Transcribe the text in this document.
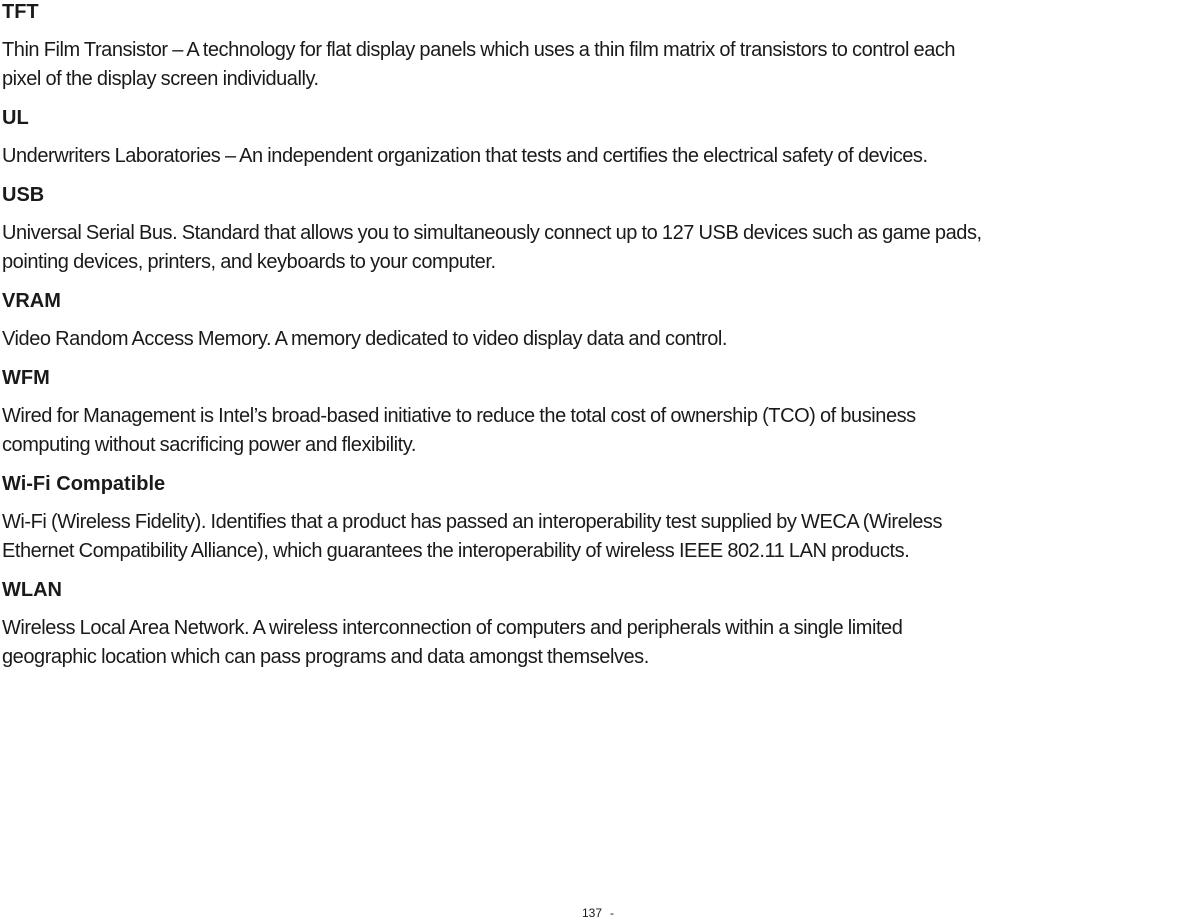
TFT
Thin Film Transistor – A technology for flat display panels which uses a thin film matrix of transistors to control each
pixel of the display screen individually.
UL
Underwriters Laboratories – An independent organization that tests and certifies the electrical safety of devices.
USB
Universal Serial Bus. Standard that allows you to simultaneously connect up to 127 USB devices such as game pads,
pointing devices, printers, and keyboards to your computer.
VRAM
Video Random Access Memory. A memory dedicated to video display data and control.
WFM
Wired for Management is Intel’s broad-based initiative to reduce the total cost of ownership (TCO) of business
computing without sacrificing power and flexibility.
Wi-Fi Compatible
Wi-Fi (Wireless Fidelity). Identifies that a product has passed an interoperability test supplied by WECA (Wireless
Ethernet Compatibility Alliance), which guarantees the interoperability of wireless IEEE 802.11 LAN products.
WLAN
Wireless Local Area Network. A wireless interconnection of computers and peripherals within a single limited
geographic location which can pass programs and data amongst themselves.
137 -
